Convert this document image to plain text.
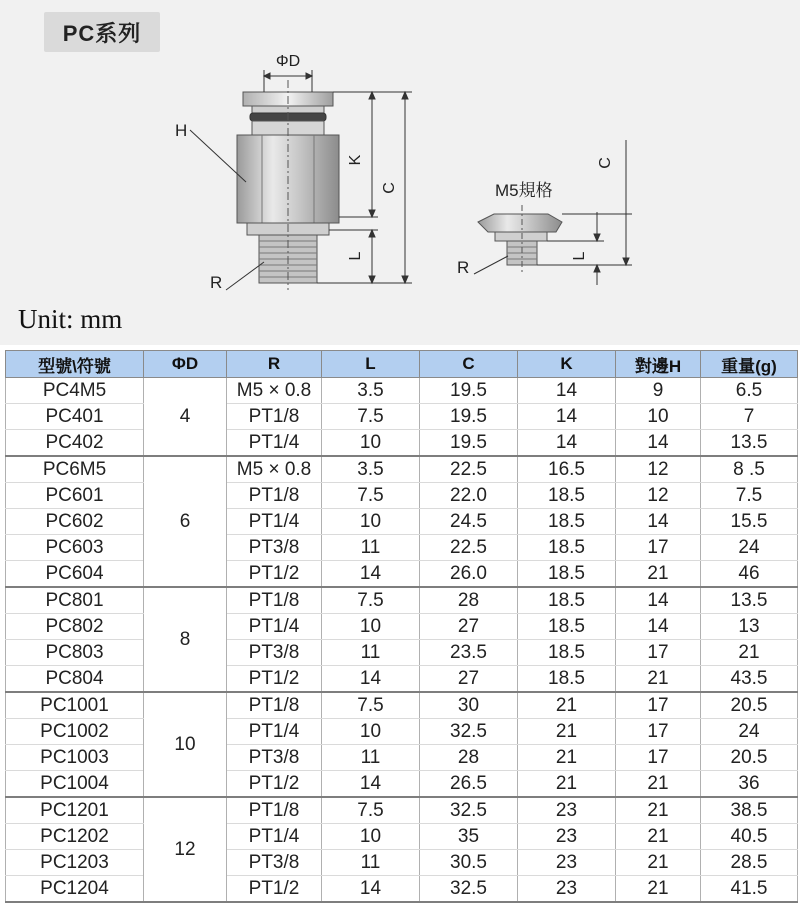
PC系列
ΦD
H
K
C
L
R
M5規格
C
L
R
Unit: mm
型號\符號	ΦD	R	L	C	K	對邊H	重量(g)
PC4M5	4	M5 × 0.8	3.5	19.5	14	9	6.5
PC401		PT1/8	7.5	19.5	14	10	7
PC402		PT1/4	10	19.5	14	14	13.5
PC6M5	6	M5 × 0.8	3.5	22.5	16.5	12	8 .5
PC601		PT1/8	7.5	22.0	18.5	12	7.5
PC602		PT1/4	10	24.5	18.5	14	15.5
PC603		PT3/8	11	22.5	18.5	17	24
PC604		PT1/2	14	26.0	18.5	21	46
PC801	8	PT1/8	7.5	28	18.5	14	13.5
PC802		PT1/4	10	27	18.5	14	13
PC803		PT3/8	11	23.5	18.5	17	21
PC804		PT1/2	14	27	18.5	21	43.5
PC1001	10	PT1/8	7.5	30	21	17	20.5
PC1002		PT1/4	10	32.5	21	17	24
PC1003		PT3/8	11	28	21	17	20.5
PC1004		PT1/2	14	26.5	21	21	36
PC1201	12	PT1/8	7.5	32.5	23	21	38.5
PC1202		PT1/4	10	35	23	21	40.5
PC1203		PT3/8	11	30.5	23	21	28.5
PC1204		PT1/2	14	32.5	23	21	41.5
